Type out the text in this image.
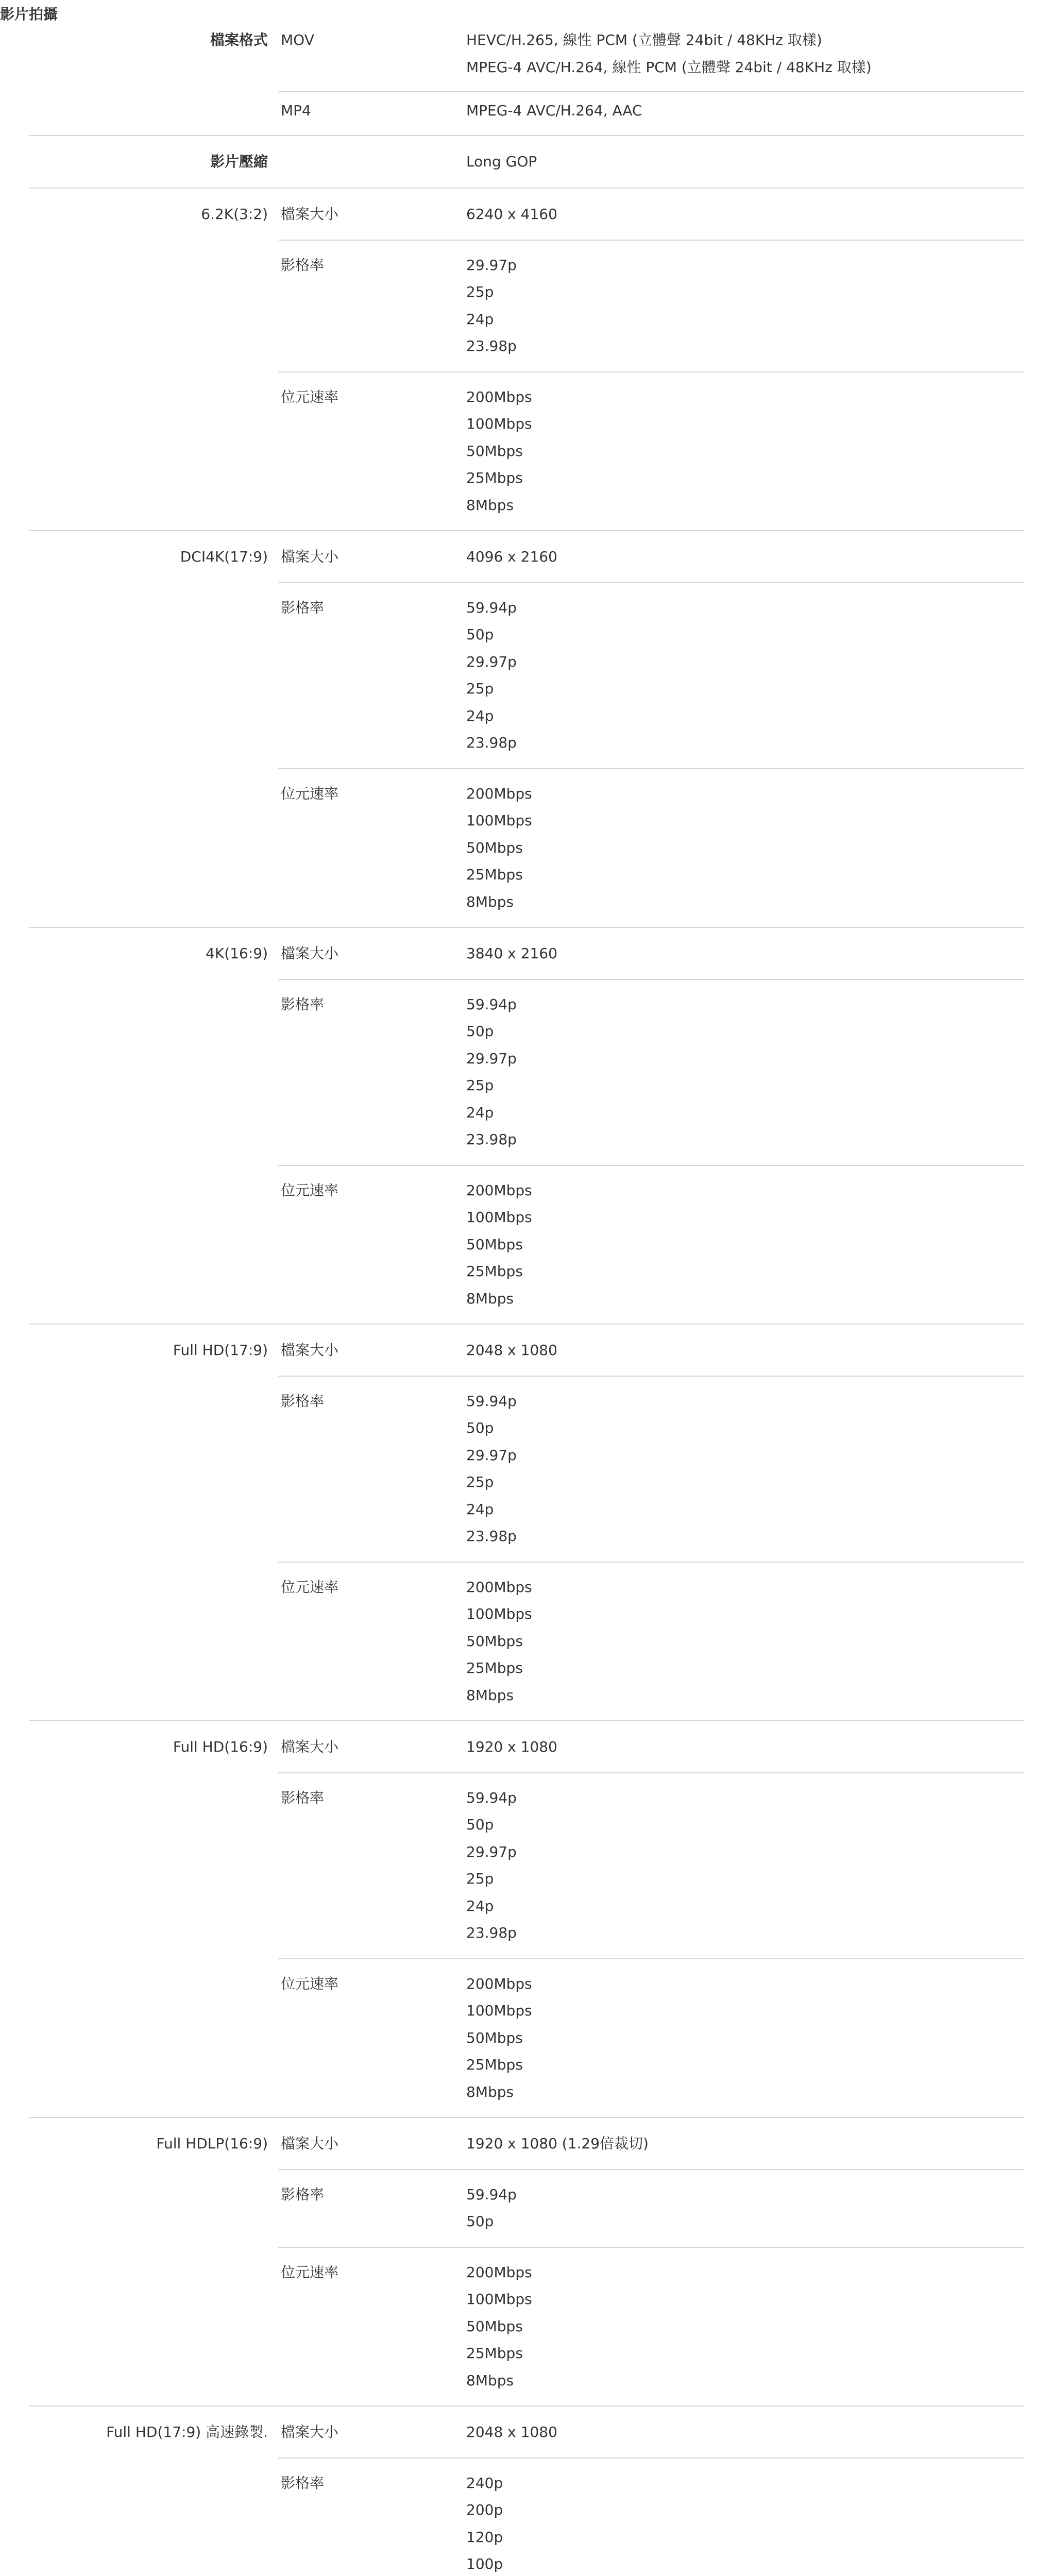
影片拍攝
檔案格式 MOV	HEVC/H.265, 線性 PCM (立體聲 24bit / 48KHz 取樣)
MPEG-4 AVC/H.264, 線性 PCM (立體聲 24bit / 48KHz 取樣)
MP4	MPEG-4 AVC/H.264, AAC
影片壓縮	Long GOP
6.2K(3:2) 檔案大小	6240 x 4160
影格率	29.97p
25p
24p
23.98p
位元速率	200Mbps
100Mbps
50Mbps
25Mbps
8Mbps
DCI4K(17:9) 檔案大小	4096 x 2160
影格率	59.94p
50p
29.97p
25p
24p
23.98p
位元速率	200Mbps
100Mbps
50Mbps
25Mbps
8Mbps
4K(16:9) 檔案大小	3840 x 2160
影格率	59.94p
50p
29.97p
25p
24p
23.98p
位元速率	200Mbps
100Mbps
50Mbps
25Mbps
8Mbps
Full HD(17:9) 檔案大小	2048 x 1080
影格率	59.94p
50p
29.97p
25p
24p
23.98p
位元速率	200Mbps
100Mbps
50Mbps
25Mbps
8Mbps
Full HD(16:9) 檔案大小	1920 x 1080
影格率	59.94p
50p
29.97p
25p
24p
23.98p
位元速率	200Mbps
100Mbps
50Mbps
25Mbps
8Mbps
Full HDLP(16:9) 檔案大小	1920 x 1080 (1.29倍裁切)
影格率	59.94p
50p
位元速率	200Mbps
100Mbps
50Mbps
25Mbps
8Mbps
Full HD(17:9) 高速錄製. 檔案大小	2048 x 1080
影格率	240p
200p
120p
100p
